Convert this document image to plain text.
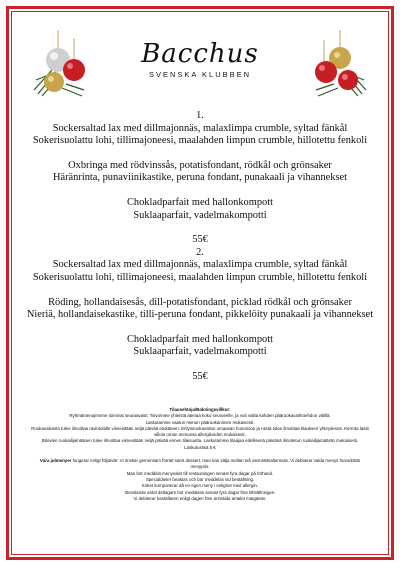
Bacchus
SVENSKA KLUBBEN
1.
Sockersaltad lax med dillmajonnäs, malaxlimpa crumble, syltad fänkål
Sokerisuolattu lohi, tillimajoneesi, maalahden limpun crumble, hillotettu fenkoli
Oxbringa med rödvinssås, potatisfondant, rödkål och grönsaker
Häränrinta, punaviinikastike, peruna fondant, punakaali ja vihannekset
Chokladparfait med hallonkompott
Suklaaparfait, vadelmakompotti
55€
2.
Sockersaltad lax med dillmajonnäs, malaxlimpa crumble, syltad fänkål
Sokerisuolattu lohi, tillimajoneesi, maalahden limpun crumble, hillotettu fenkoli
Röding, hollandaisesås, dill-potatisfondant, picklad rödkål och grönsaker
Nieriä, hollandaisekastike, tilli-peruna fondant, pikkelöity punakaali ja vihannekset
Chokladparfait med hallonkompott
Suklaaparfait, vadelmakompotti
55€
Tilausehtoja/Bokningsvillkor:
Ryhmämenujemme toimivat seuraavasti: Toivomme yhteistä ateriaa koko seurueelle, ja voit valita kahden pääruokavaihtoehdon välillä.
Laskutamme vaatun menun pääruokanimen mukaisesti.
Ruokavalioista tulee ilmoittaa ravintolalle viimeistään neljä päivää etukäteen. Erityisruokavalion omaavan huomioon ja niistä tulee ilmoittaa tilauksen yhteydessä. Kerrota laatii silloin oman menunsa allergikoiden mukaisesti.
Bitovien ruokailijamäärien tulee ilmoittaa viimeistään neljä päivää ennen tilaisuutta. Laskutamme tilaajaa edellisenä päivänä ilmoitetun ruokailijamäärän mukaisesti.
Laskutuslisä 5 €
Vára julmenyer fungerar enligt följande: Vi önskar gemensam förrätt samt dessert, man kan välja mellan två varmrättsalternativ. Vi debiterar valda menys huvudrätts menypris.
Man bör meddela menyvalet till restaurangen senast fyra dagar på förhand.
Specialdieter beaktas och bör meddelas vid beställning.
Köket komponerar då en egen meny i enlighet med allergin.
Slesslande antal deltagare bör meddelas senast fyra dagar före tillställningen.
Vi debiterar beställaren enligt dagen före anmälda antalet matgäster.
